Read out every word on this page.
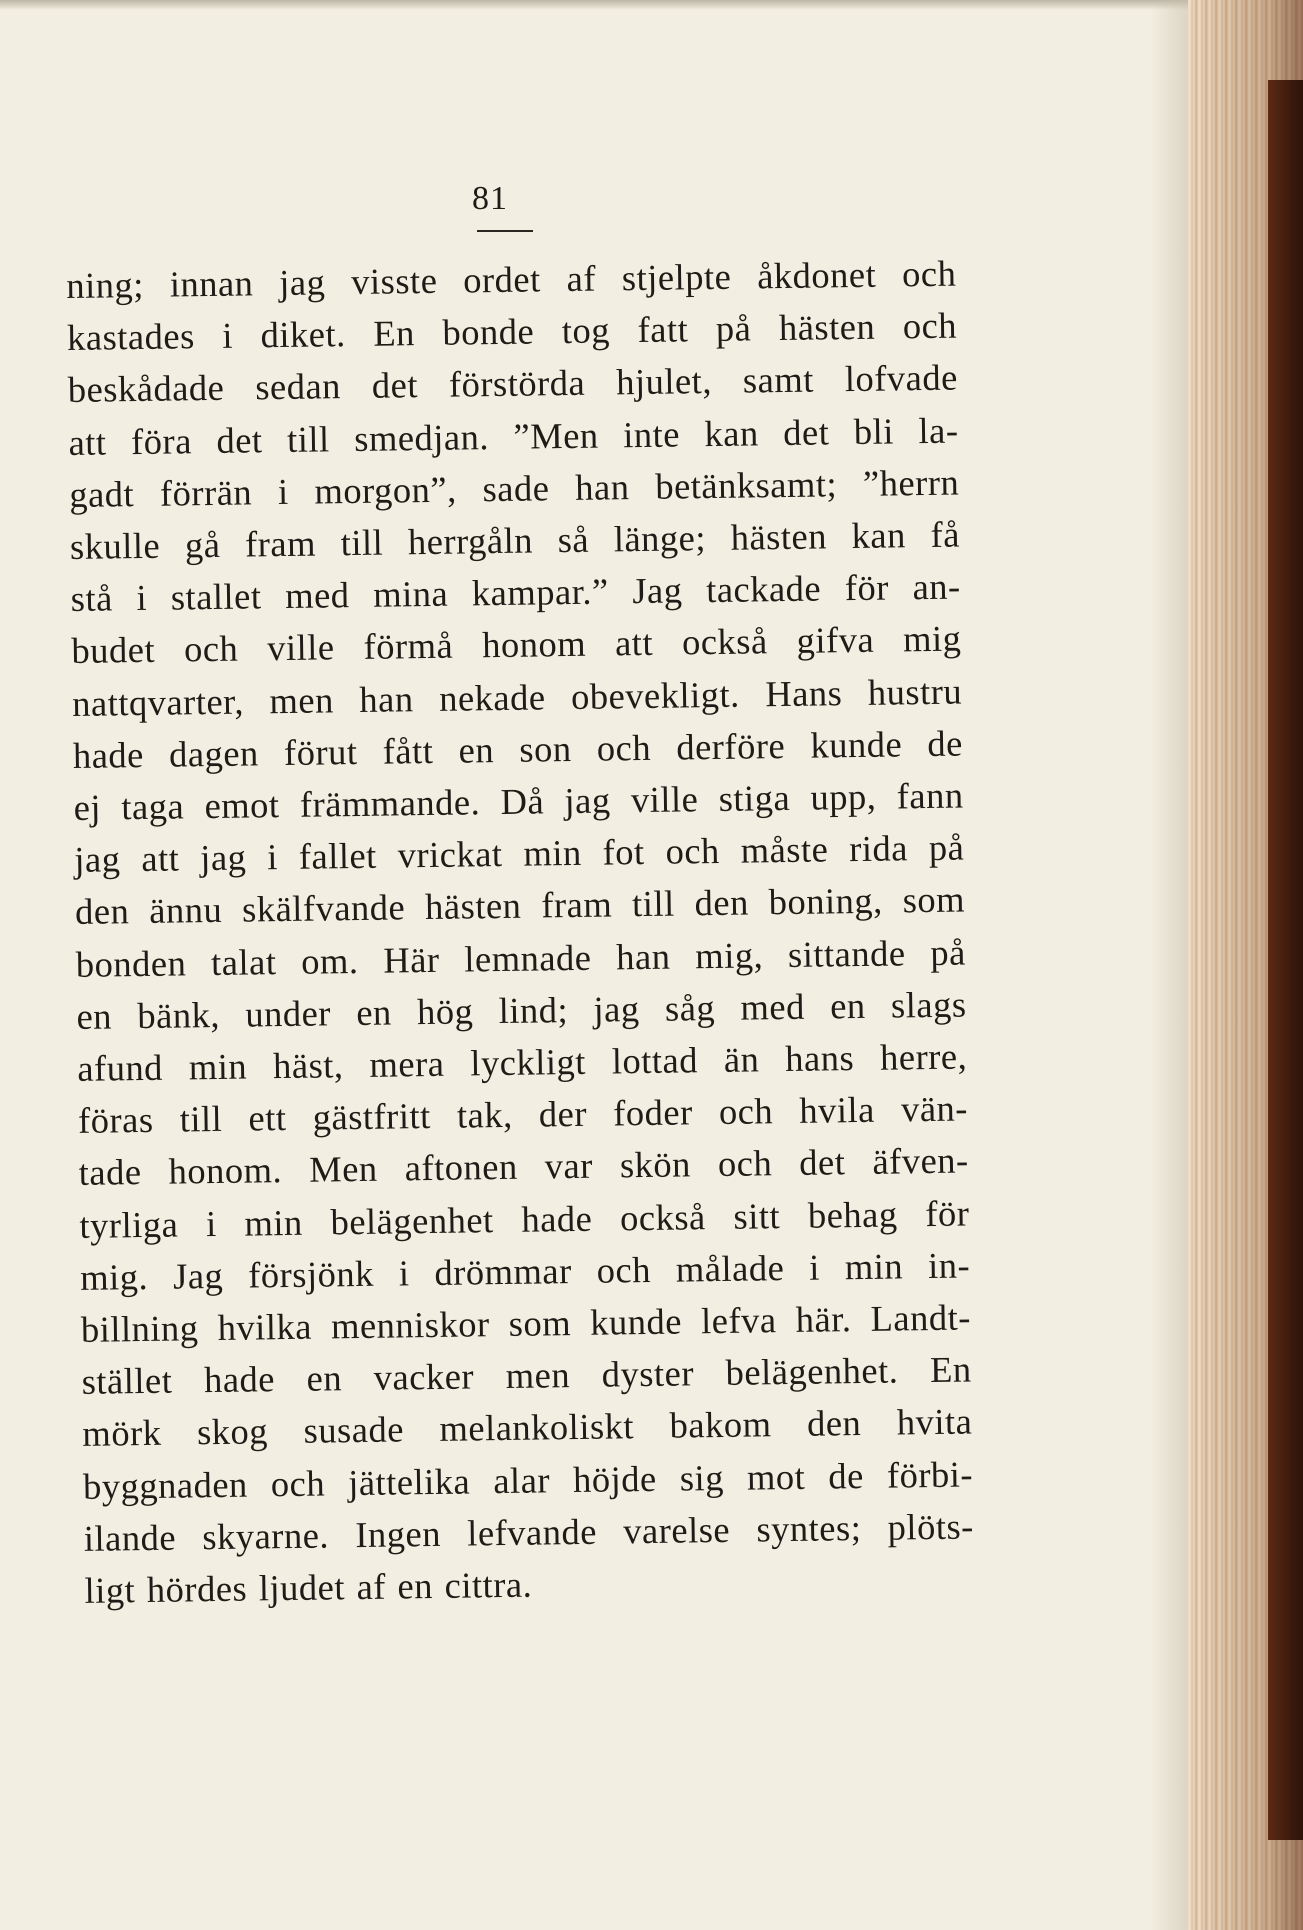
81
ning; innan jag visste ordet af stjelpte åkdonet och
kastades i diket. En bonde tog fatt på hästen och
beskådade sedan det förstörda hjulet, samt lofvade
att föra det till smedjan. ”Men inte kan det bli la-
gadt förrän i morgon”, sade han betänksamt; ”herrn
skulle gå fram till herrgåln så länge; hästen kan få
stå i stallet med mina kampar.” Jag tackade för an-
budet och ville förmå honom att också gifva mig
nattqvarter, men han nekade obevekligt. Hans hustru
hade dagen förut fått en son och derföre kunde de
ej taga emot främmande. Då jag ville stiga upp, fann
jag att jag i fallet vrickat min fot och måste rida på
den ännu skälfvande hästen fram till den boning, som
bonden talat om. Här lemnade han mig, sittande på
en bänk, under en hög lind; jag såg med en slags
afund min häst, mera lyckligt lottad än hans herre,
föras till ett gästfritt tak, der foder och hvila vän-
tade honom. Men aftonen var skön och det äfven-
tyrliga i min belägenhet hade också sitt behag för
mig. Jag försjönk i drömmar och målade i min in-
billning hvilka menniskor som kunde lefva här. Landt-
stället hade en vacker men dyster belägenhet. En
mörk skog susade melankoliskt bakom den hvita
byggnaden och jättelika alar höjde sig mot de förbi-
ilande skyarne. Ingen lefvande varelse syntes; plöts-
ligt hördes ljudet af en cittra.
